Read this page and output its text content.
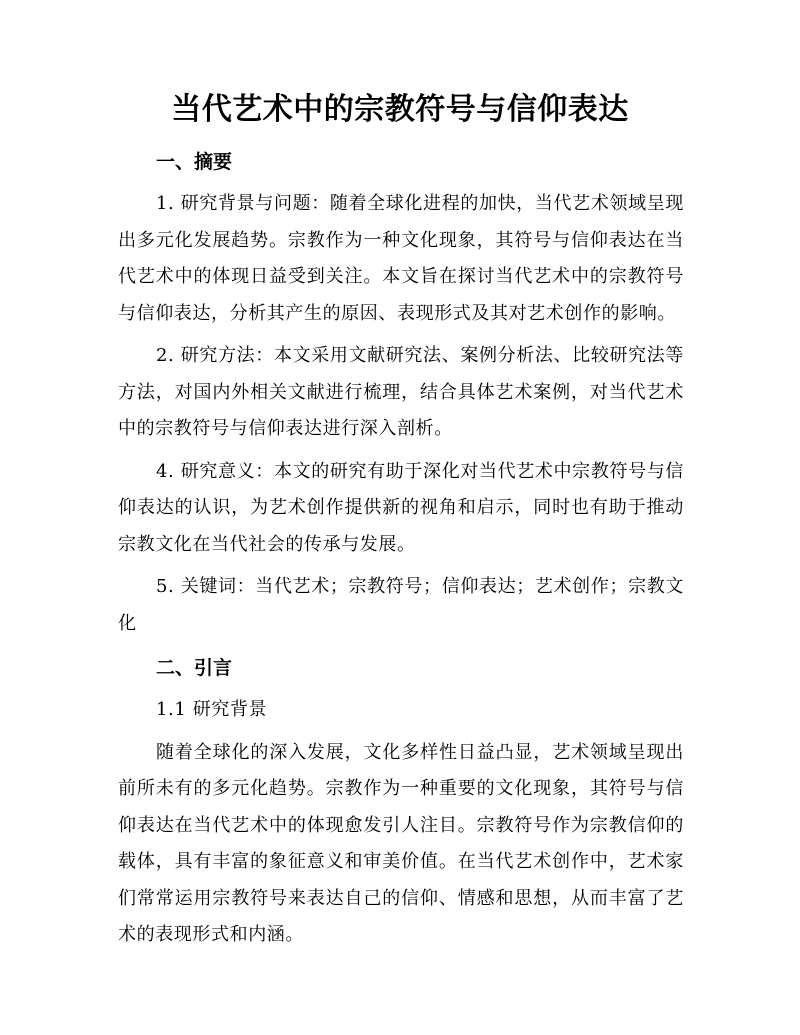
当代艺术中的宗教符号与信仰表达
一、摘要

1. 研究背景与问题：随着全球化进程的加快，当代艺术领域呈现出多元化发展趋势。宗教作为一种文化现象，其符号与信仰表达在当代艺术中的体现日益受到关注。本文旨在探讨当代艺术中的宗教符号与信仰表达，分析其产生的原因、表现形式及其对艺术创作的影响。

2. 研究方法：本文采用文献研究法、案例分析法、比较研究法等方法，对国内外相关文献进行梳理，结合具体艺术案例，对当代艺术中的宗教符号与信仰表达进行深入剖析。

4. 研究意义：本文的研究有助于深化对当代艺术中宗教符号与信仰表达的认识，为艺术创作提供新的视角和启示，同时也有助于推动宗教文化在当代社会的传承与发展。

5. 关键词：当代艺术；宗教符号；信仰表达；艺术创作；宗教文化

二、引言

1.1 研究背景

随着全球化的深入发展，文化多样性日益凸显，艺术领域呈现出前所未有的多元化趋势。宗教作为一种重要的文化现象，其符号与信仰表达在当代艺术中的体现愈发引人注目。宗教符号作为宗教信仰的载体，具有丰富的象征意义和审美价值。在当代艺术创作中，艺术家们常常运用宗教符号来表达自己的信仰、情感和思想，从而丰富了艺术的表现形式和内涵。
